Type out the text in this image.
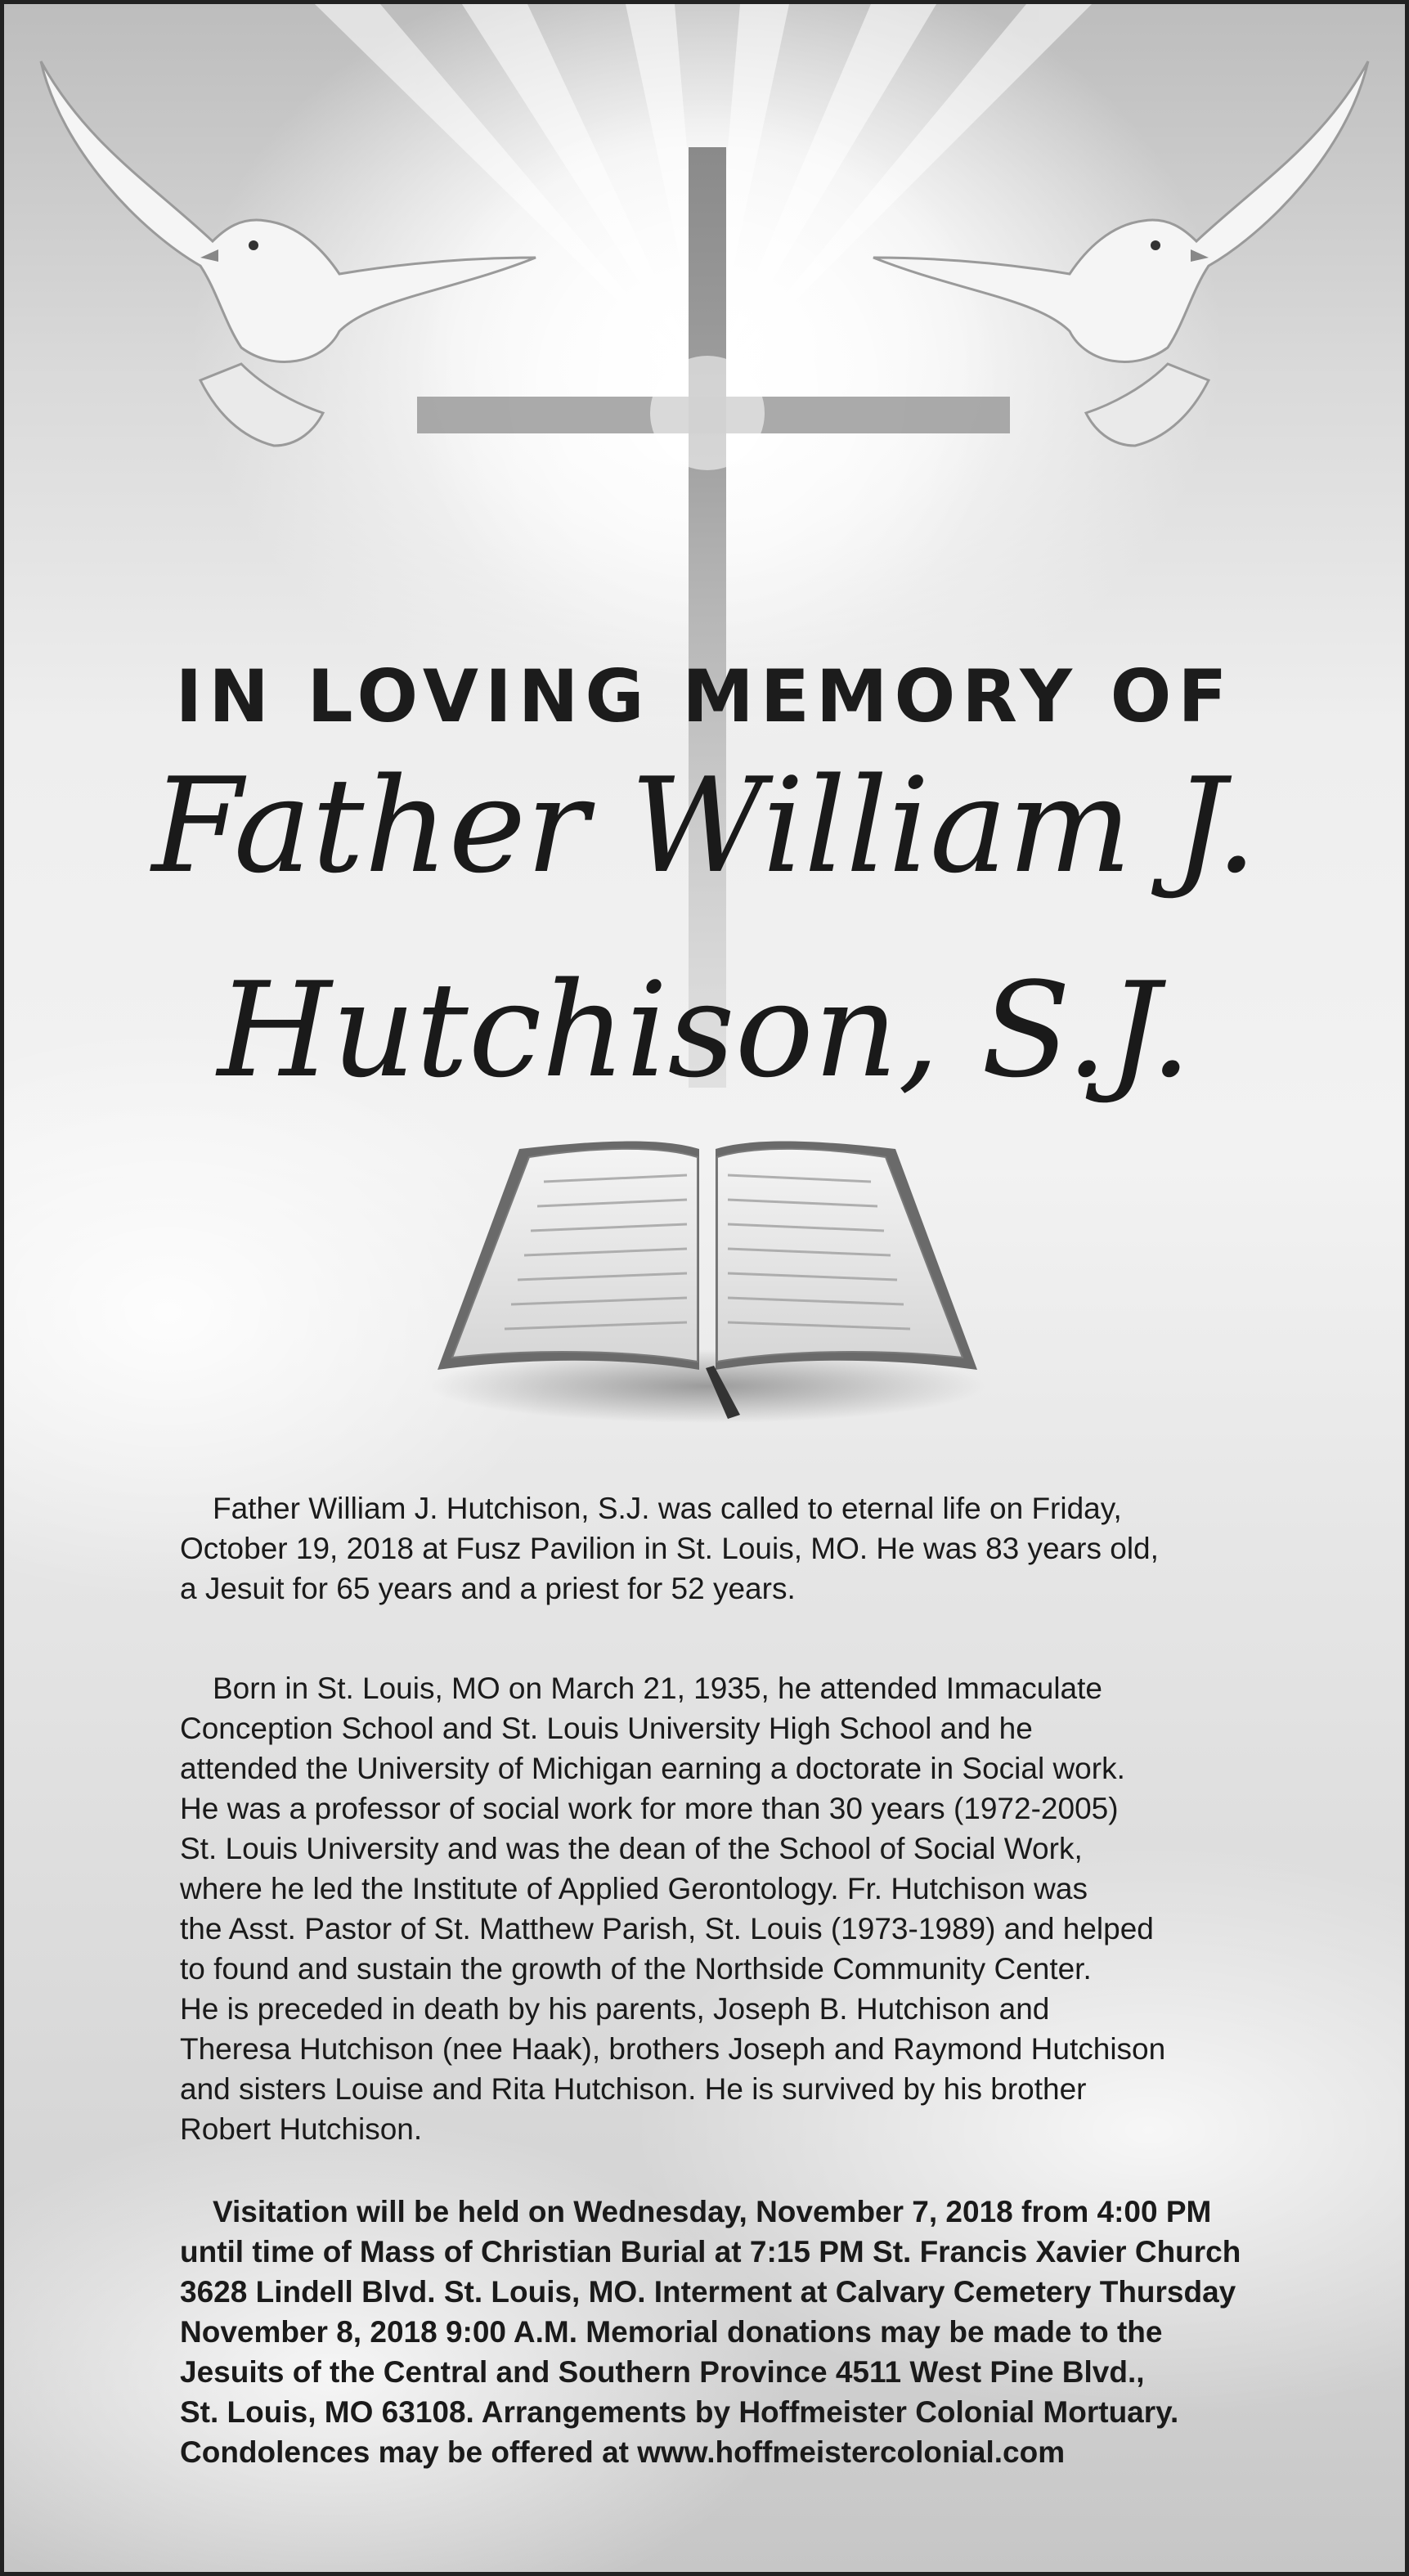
IN LOVING MEMORY OF
Father William J.
Hutchison, S.J.
Father William J. Hutchison, S.J. was called to eternal life on Friday,
October 19, 2018 at Fusz Pavilion in St. Louis, MO. He was 83 years old,
a Jesuit for 65 years and a priest for 52 years.
Born in St. Louis, MO on March 21, 1935, he attended Immaculate
Conception School and St. Louis University High School and he
attended the University of Michigan earning a doctorate in Social work.
He was a professor of social work for more than 30 years (1972-2005)
St. Louis University and was the dean of the School of Social Work,
where he led the Institute of Applied Gerontology. Fr. Hutchison was
the Asst. Pastor of St. Matthew Parish, St. Louis (1973-1989) and helped
to found and sustain the growth of the Northside Community Center.
He is preceded in death by his parents, Joseph B. Hutchison and
Theresa Hutchison (nee Haak), brothers Joseph and Raymond Hutchison
and sisters Louise and Rita Hutchison. He is survived by his brother
Robert Hutchison.
Visitation will be held on Wednesday, November 7, 2018 from 4:00 PM
until time of Mass of Christian Burial at 7:15 PM St. Francis Xavier Church
3628 Lindell Blvd. St. Louis, MO. Interment at Calvary Cemetery Thursday
November 8, 2018 9:00 A.M. Memorial donations may be made to the
Jesuits of the Central and Southern Province 4511 West Pine Blvd.,
St. Louis, MO 63108. Arrangements by Hoffmeister Colonial Mortuary.
Condolences may be offered at www.hoffmeistercolonial.com
